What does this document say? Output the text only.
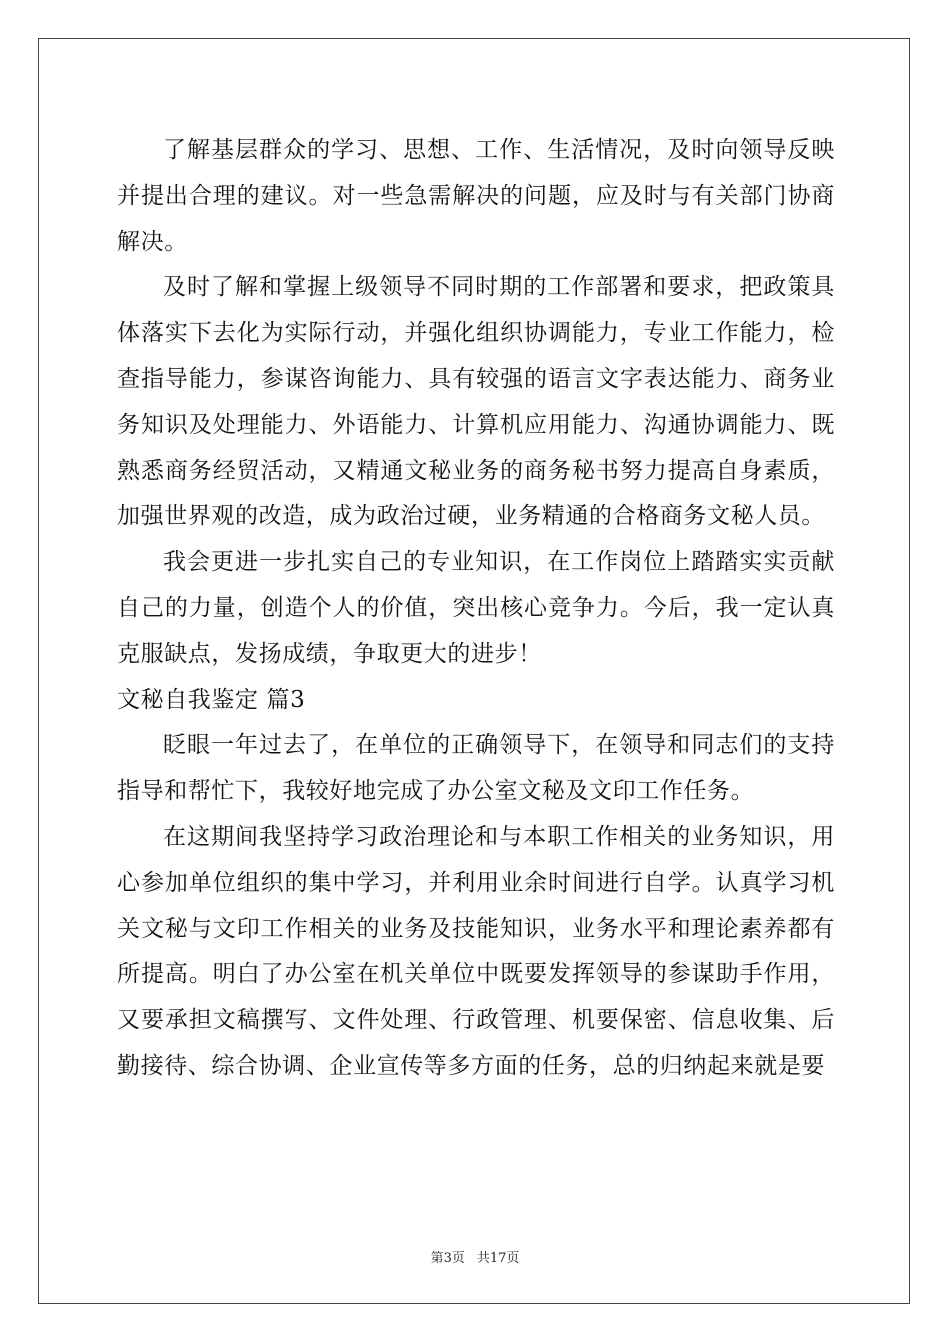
了解基层群众的学习、思想、工作、生活情况，及时向领导反映并提出合理的建议。对一些急需解决的问题，应及时与有关部门协商解决。

及时了解和掌握上级领导不同时期的工作部署和要求，把政策具体落实下去化为实际行动，并强化组织协调能力，专业工作能力，检查指导能力，参谋咨询能力、具有较强的语言文字表达能力、商务业务知识及处理能力、外语能力、计算机应用能力、沟通协调能力、既熟悉商务经贸活动，又精通文秘业务的商务秘书努力提高自身素质，加强世界观的改造，成为政治过硬，业务精通的合格商务文秘人员。

我会更进一步扎实自己的专业知识，在工作岗位上踏踏实实贡献自己的力量，创造个人的价值，突出核心竞争力。今后，我一定认真克服缺点，发扬成绩，争取更大的进步！

文秘自我鉴定 篇3

眨眼一年过去了，在单位的正确领导下，在领导和同志们的支持指导和帮忙下，我较好地完成了办公室文秘及文印工作任务。

在这期间我坚持学习政治理论和与本职工作相关的业务知识，用心参加单位组织的集中学习，并利用业余时间进行自学。认真学习机关文秘与文印工作相关的业务及技能知识，业务水平和理论素养都有所提高。明白了办公室在机关单位中既要发挥领导的参谋助手作用，又要承担文稿撰写、文件处理、行政管理、机要保密、信息收集、后勤接待、综合协调、企业宣传等多方面的任务，总的归纳起来就是要

第3页 共17页
